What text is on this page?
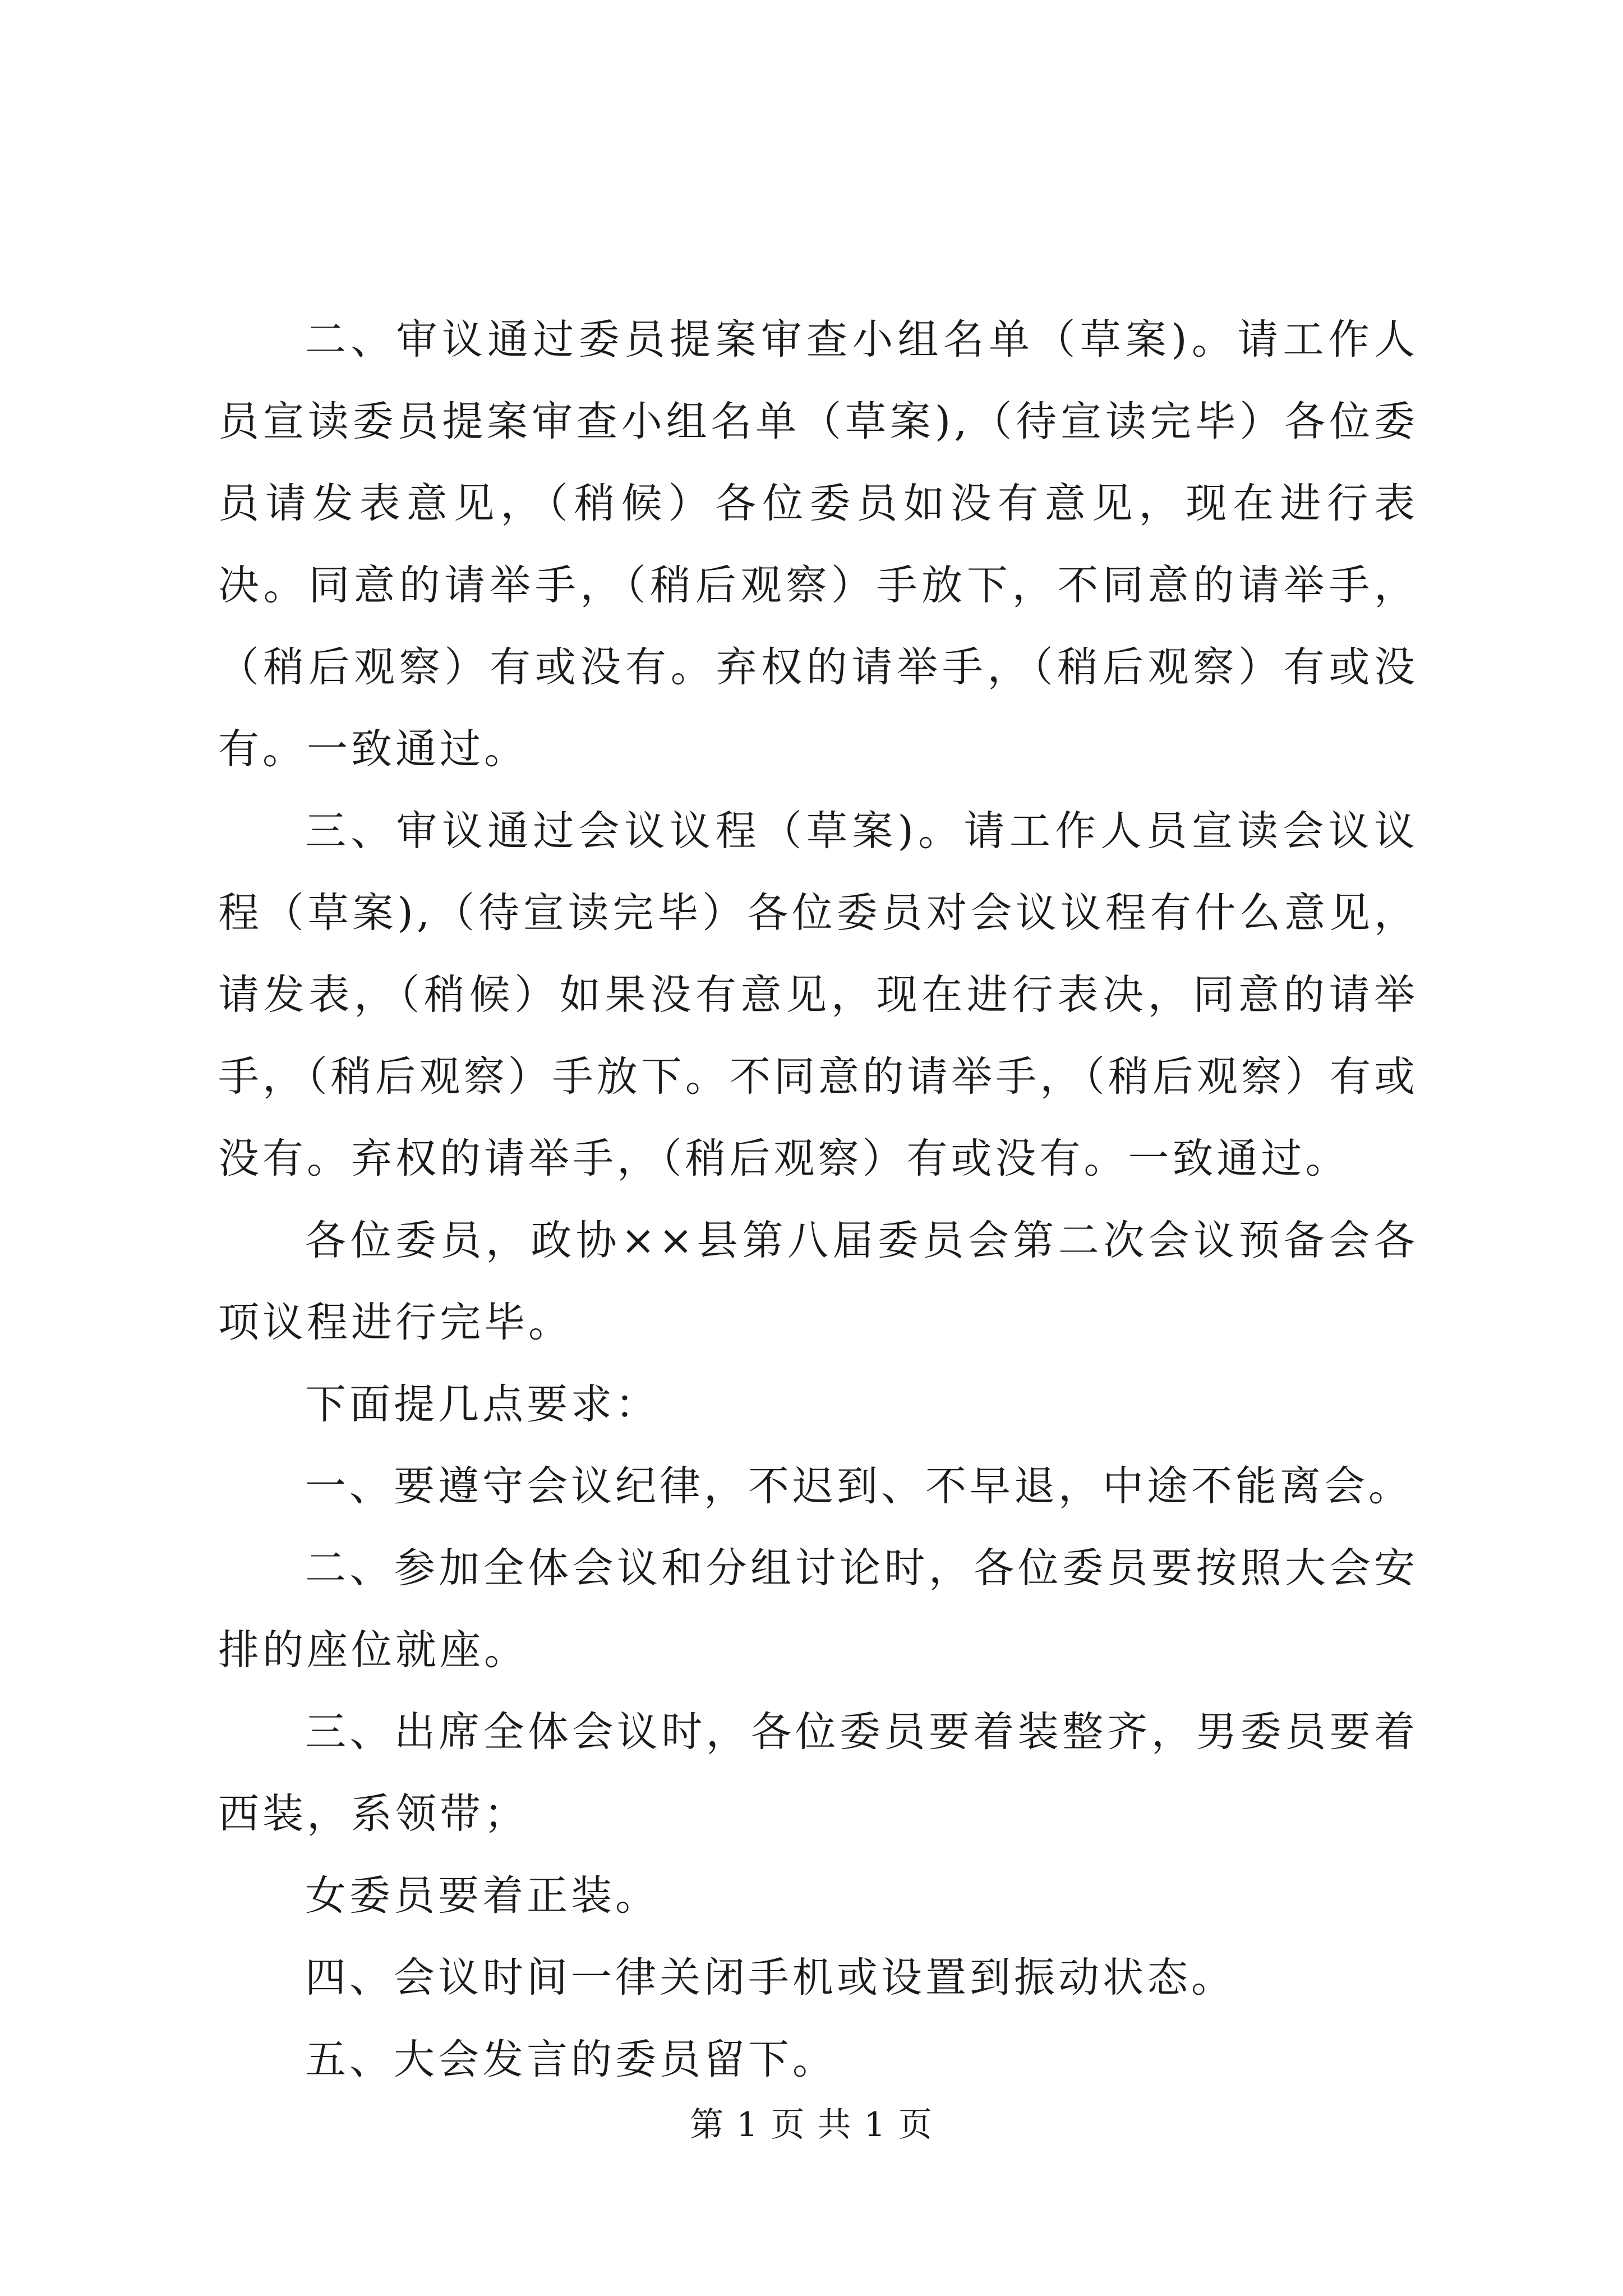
二、审议通过委员提案审查小组名单（草案)。请工作人员宣读委员提案审查小组名单（草案),（待宣读完毕）各位委员请发表意见，（稍候）各位委员如没有意见，现在进行表决。同意的请举手，（稍后观察）手放下，不同意的请举手，（稍后观察）有或没有。弃权的请举手，（稍后观察）有或没有。一致通过。

三、审议通过会议议程（草案)。请工作人员宣读会议议程（草案),（待宣读完毕）各位委员对会议议程有什么意见，请发表，（稍候）如果没有意见，现在进行表决，同意的请举手，（稍后观察）手放下。不同意的请举手，（稍后观察）有或没有。弃权的请举手，（稍后观察）有或没有。一致通过。

各位委员，政协××县第八届委员会第二次会议预备会各项议程进行完毕。

下面提几点要求：

一、要遵守会议纪律，不迟到、不早退，中途不能离会。

二、参加全体会议和分组讨论时，各位委员要按照大会安排的座位就座。

三、出席全体会议时，各位委员要着装整齐，男委员要着西装，系领带；

女委员要着正装。

四、会议时间一律关闭手机或设置到振动状态。

五、大会发言的委员留下。

第 1 页 共 1 页
